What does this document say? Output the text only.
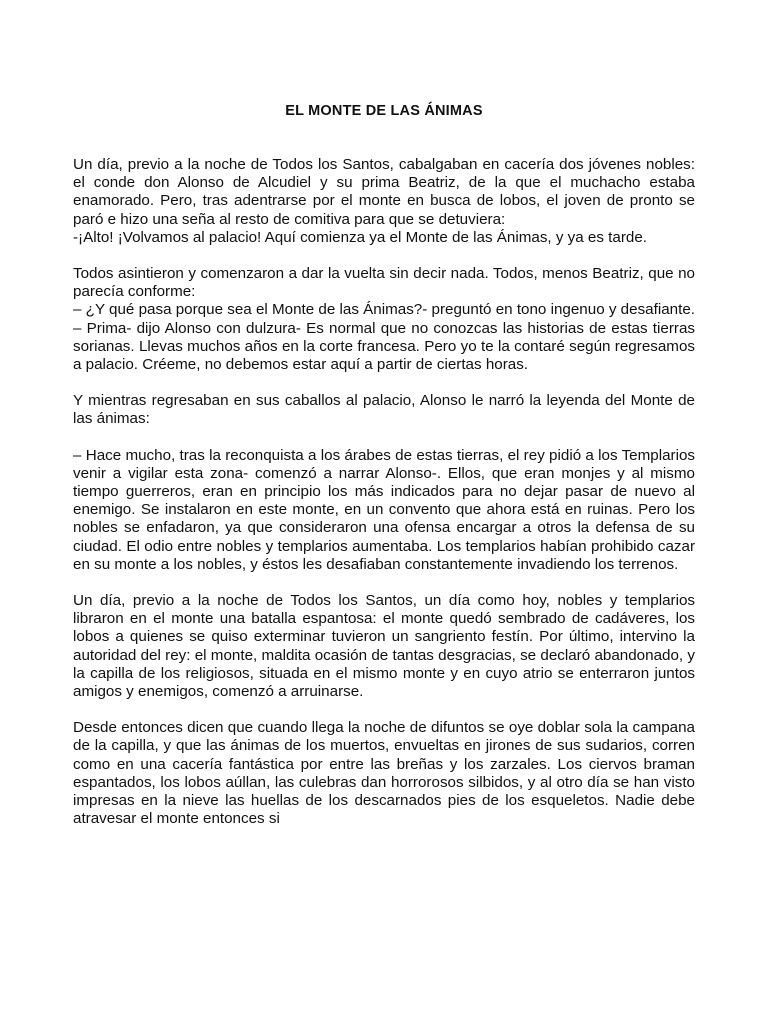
EL MONTE DE LAS ÁNIMAS
Un día, previo a la noche de Todos los Santos, cabalgaban en cacería dos jóvenes nobles: el conde don Alonso de Alcudiel y su prima Beatriz, de la que el muchacho estaba enamorado. Pero, tras adentrarse por el monte en busca de lobos, el joven de pronto se paró e hizo una seña al resto de comitiva para que se detuviera:
-¡Alto! ¡Volvamos al palacio! Aquí comienza ya el Monte de las Ánimas, y ya es tarde.
Todos asintieron y comenzaron a dar la vuelta sin decir nada. Todos, menos Beatriz, que no parecía conforme:
– ¿Y qué pasa porque sea el Monte de las Ánimas?- preguntó en tono ingenuo y desafiante.
– Prima- dijo Alonso con dulzura- Es normal que no conozcas las historias de estas tierras sorianas. Llevas muchos años en la corte francesa. Pero yo te la contaré según regresamos a palacio. Créeme, no debemos estar aquí a partir de ciertas horas.
Y mientras regresaban en sus caballos al palacio, Alonso le narró la leyenda del Monte de las ánimas:
– Hace mucho, tras la reconquista a los árabes de estas tierras, el rey pidió a los Templarios venir a vigilar esta zona- comenzó a narrar Alonso-. Ellos, que eran monjes y al mismo tiempo guerreros, eran en principio los más indicados para no dejar pasar de nuevo al enemigo. Se instalaron en este monte, en un convento que ahora está en ruinas. Pero los nobles se enfadaron, ya que consideraron una ofensa encargar a otros la defensa de su ciudad. El odio entre nobles y templarios aumentaba. Los templarios habían prohibido cazar en su monte a los nobles, y éstos les desafiaban constantemente invadiendo los terrenos.
Un día, previo a la noche de Todos los Santos, un día como hoy, nobles y templarios libraron en el monte una batalla espantosa: el monte quedó sembrado de cadáveres, los lobos a quienes se quiso exterminar tuvieron un sangriento festín. Por último, intervino la autoridad del rey: el monte, maldita ocasión de tantas desgracias, se declaró abandonado, y la capilla de los religiosos, situada en el mismo monte y en cuyo atrio se enterraron juntos amigos y enemigos, comenzó a arruinarse.
Desde entonces dicen que cuando llega la noche de difuntos se oye doblar sola la campana de la capilla, y que las ánimas de los muertos, envueltas en jirones de sus sudarios, corren como en una cacería fantástica por entre las breñas y los zarzales. Los ciervos braman espantados, los lobos aúllan, las culebras dan horrorosos silbidos, y al otro día se han visto impresas en la nieve las huellas de los descarnados pies de los esqueletos. Nadie debe atravesar el monte entonces si
